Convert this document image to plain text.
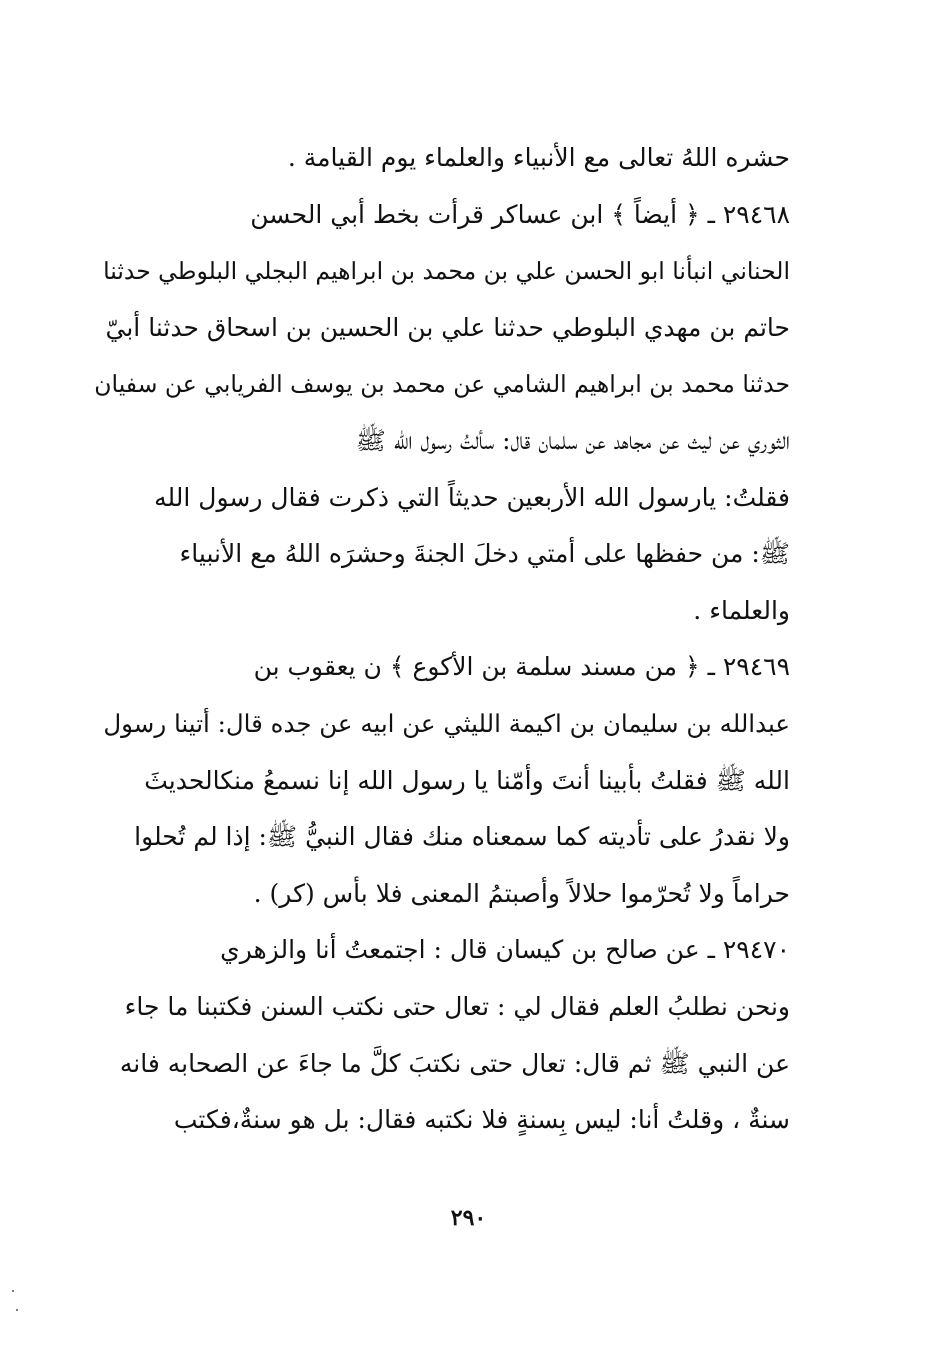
حشره اللهُ تعالى مع الأنبياء والعلماء يوم القيامة .
٢٩٤٦٨ ـ ﴿ أيضاً ﴾ ابن عساكر قرأت بخط أبي الحسن
الحناني انبأنا ابو الحسن علي بن محمد بن ابراهيم البجلي البلوطي حدثنا
حاتم بن مهدي البلوطي حدثنا علي بن الحسين بن اسحاق حدثنا أبيّ
حدثنا محمد بن ابراهيم الشامي عن محمد بن يوسف الفريابي عن سفيان
الثوري عن ليث عن مجاهد عن سلمان قال: سألتُ رسول الله ﷺ
فقلتُ: يارسول الله الأربعين حديثاً التي ذكرت فقال رسول الله
ﷺ: من حفظها على أمتي دخلَ الجنةَ وحشرَه اللهُ مع الأنبياء
والعلماء .
٢٩٤٦٩ ـ ﴿ من مسند سلمة بن الأكوع ﴾ ن يعقوب بن
عبدالله بن سليمان بن اكيمة الليثي عن ابيه عن جده قال: أتينا رسول
الله ﷺ فقلتُ بأبينا أنتَ وأمّنا يا رسول الله إنا نسمعُ منكالحديثَ
ولا نقدرُ على تأديته كما سمعناه منك فقال النبيُّ ﷺ: إذا لم تُحلوا
حراماً ولا تُحرّموا حلالاً وأصبتمُ المعنى فلا بأس (كر) .
٢٩٤٧٠ ـ عن صالح بن كيسان قال : اجتمعتُ أنا والزهري
ونحن نطلبُ العلم فقال لي : تعال حتى نكتب السنن فكتبنا ما جاء
عن النبي ﷺ ثم قال: تعال حتى نكتبَ كلَّ ما جاءَ عن الصحابه فانه
سنةٌ ، وقلتُ أنا: ليس بِسنةٍ فلا نكتبه فقال: بل هو سنةٌ،فكتب
٢٩٠
